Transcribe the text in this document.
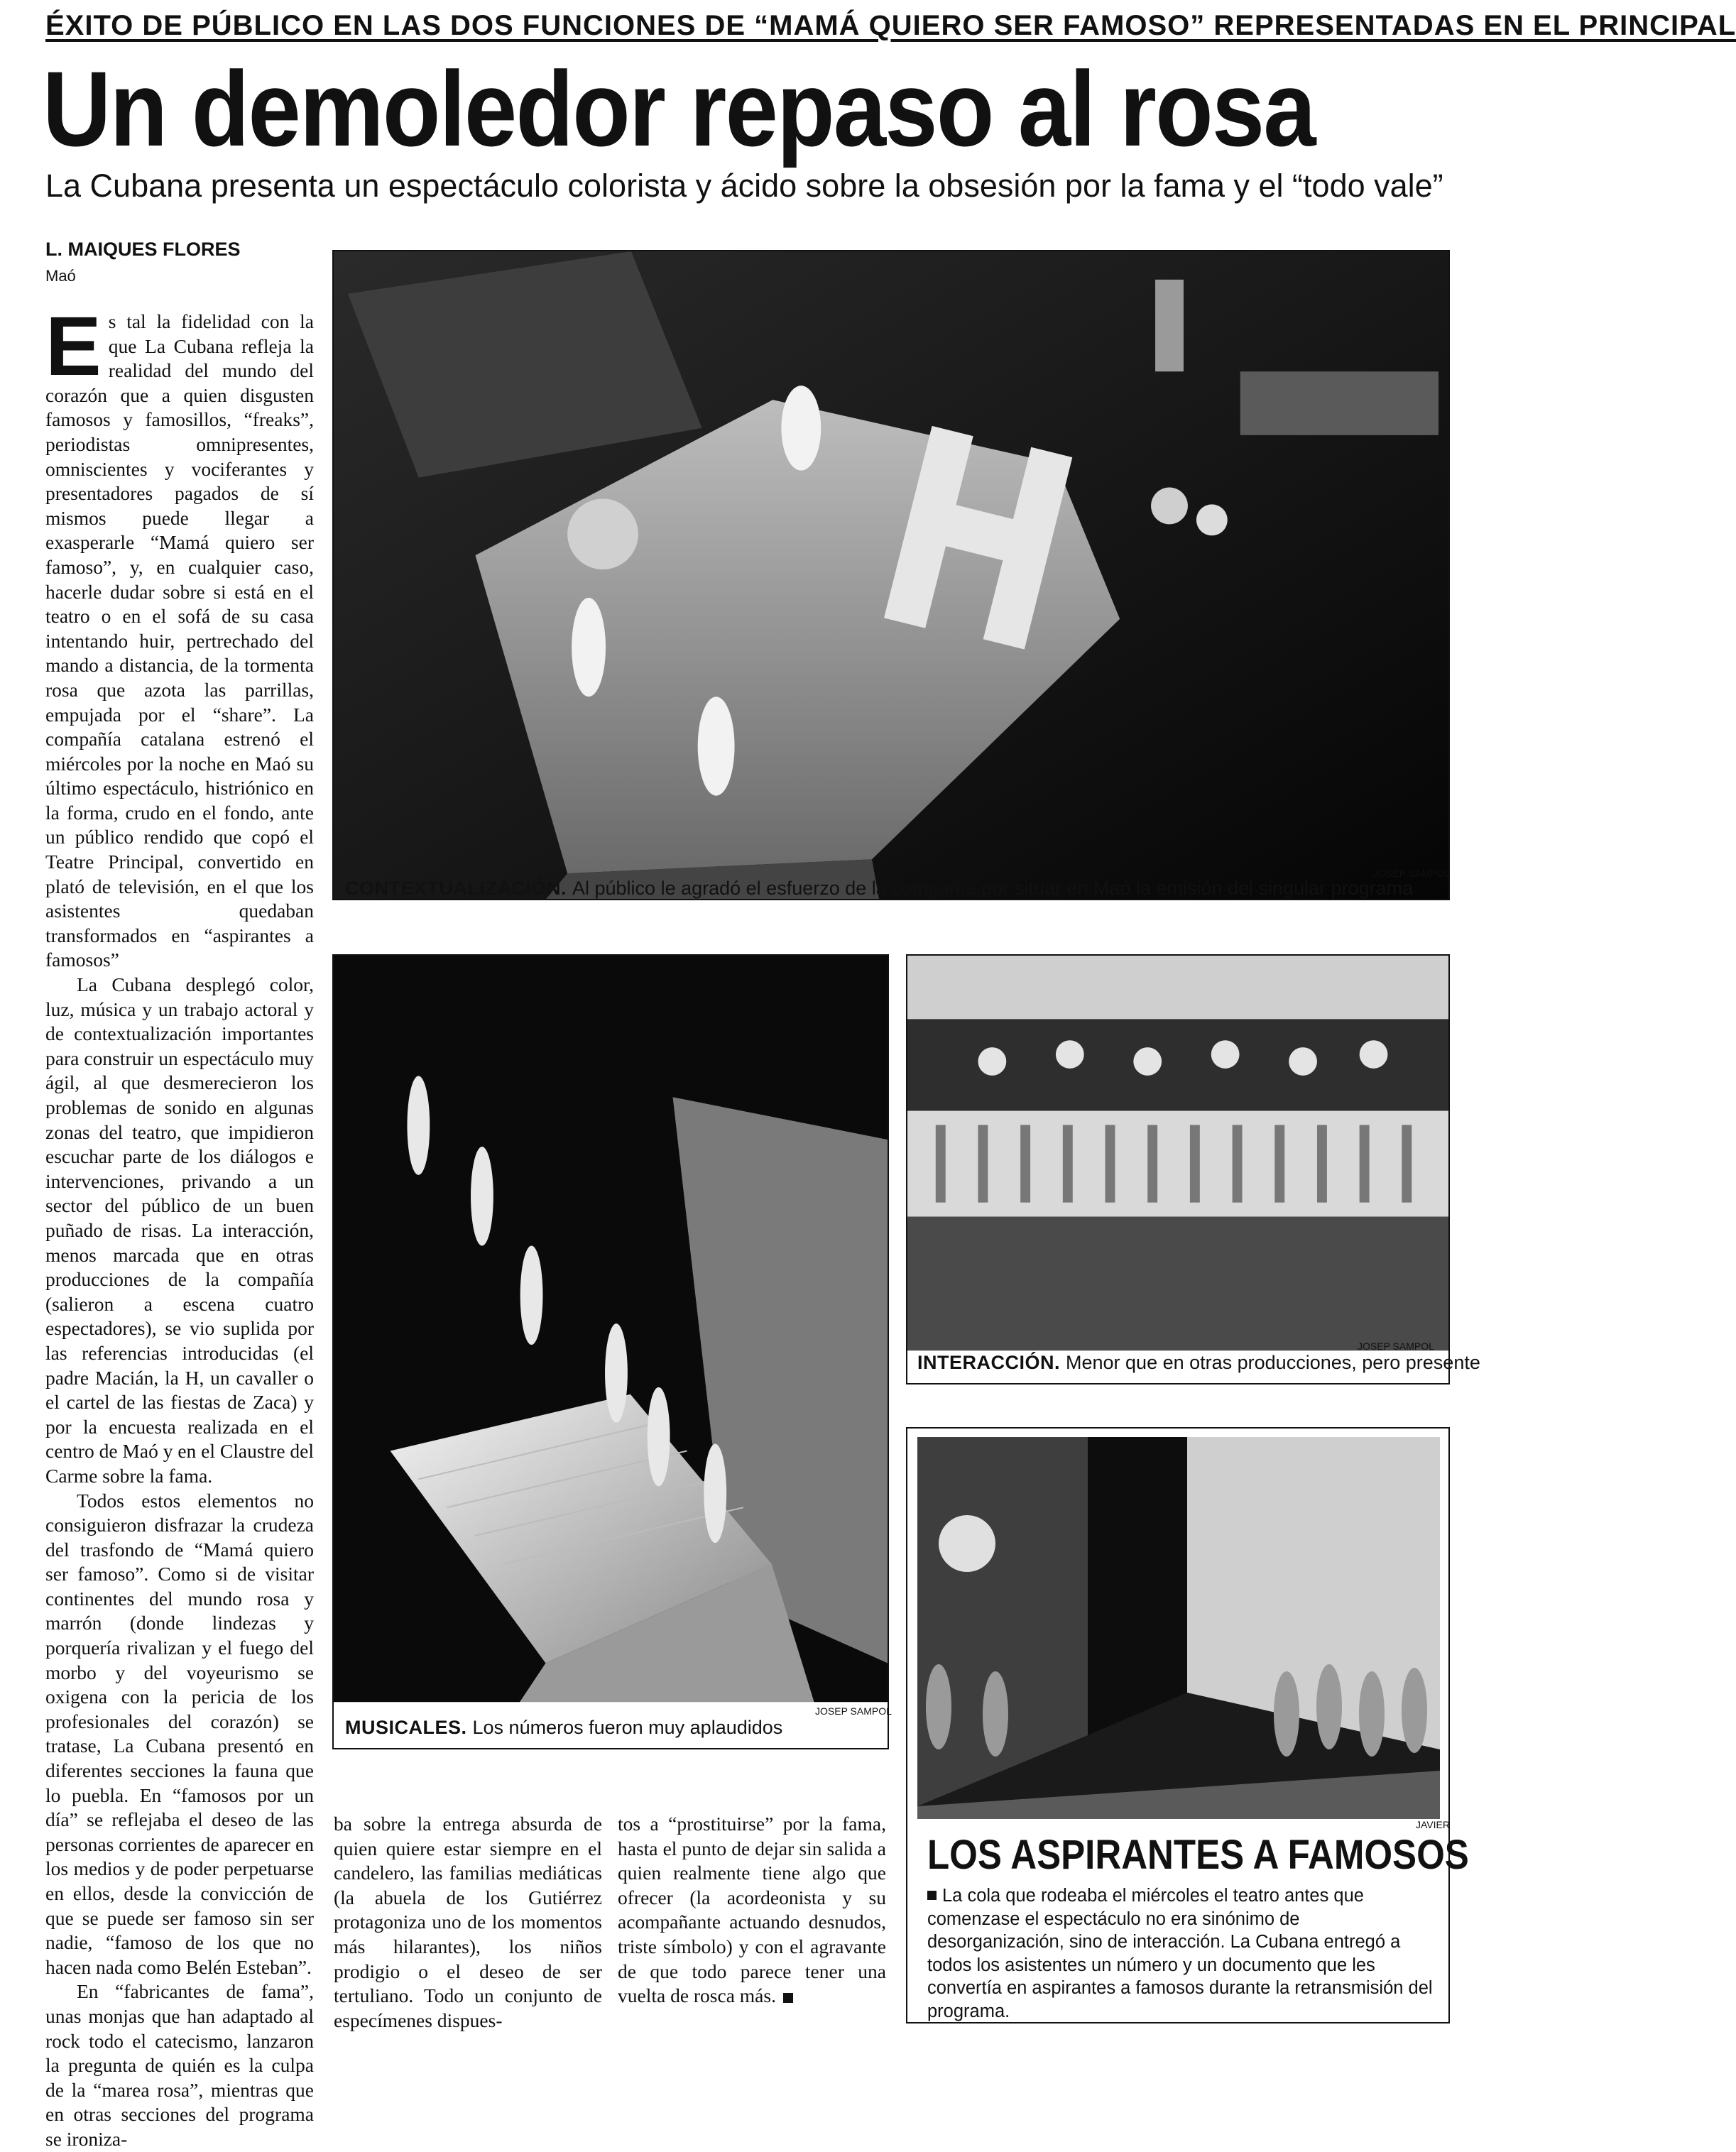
ÉXITO DE PÚBLICO EN LAS DOS FUNCIONES DE “MAMÁ QUIERO SER FAMOSO” REPRESENTADAS EN EL PRINCIPAL
Un demoledor repaso al rosa
La Cubana presenta un espectáculo colorista y ácido sobre la obsesión por la fama y el “todo vale”
L. MAIQUES FLORES
Maó

Es tal la fidelidad con la que La Cubana refleja la realidad del mundo del corazón que a quien disgusten famosos y famosillos, “freaks”, periodistas omnipresentes, omniscientes y vociferantes y presentadores pagados de sí mismos puede llegar a exasperarle “Mamá quiero ser famoso”, y, en cualquier caso, hacerle dudar sobre si está en el teatro o en el sofá de su casa intentando huir, pertrechado del mando a distancia, de la tormenta rosa que azota las parrillas, empujada por el “share”. La compañía catalana estrenó el miércoles por la noche en Maó su último espectáculo, histriónico en la forma, crudo en el fondo, ante un público rendido que copó el Teatre Principal, convertido en plató de televisión, en el que los asistentes quedaban transformados en “aspirantes a famosos”

La Cubana desplegó color, luz, música y un trabajo actoral y de contextualización importantes para construir un espectáculo muy ágil, al que desmerecieron los problemas de sonido en algunas zonas del teatro, que impidieron escuchar parte de los diálogos e intervenciones, privando a un sector del público de un buen puñado de risas. La interacción, menos marcada que en otras producciones de la compañía (salieron a escena cuatro espectadores), se vio suplida por las referencias introducidas (el padre Macián, la H, un cavaller o el cartel de las fiestas de Zaca) y por la encuesta realizada en el centro de Maó y en el Claustre del Carme sobre la fama.

Todos estos elementos no consiguieron disfrazar la crudeza del trasfondo de “Mamá quiero ser famoso”. Como si de visitar continentes del mundo rosa y marrón (donde lindezas y porquería rivalizan y el fuego del morbo y del voyeurismo se oxigena con la pericia de los profesionales del corazón) se tratase, La Cubana presentó en diferentes secciones la fauna que lo puebla. En “famosos por un día” se reflejaba el deseo de las personas corrientes de aparecer en los medios y de poder perpetuarse en ellos, desde la convicción de que se puede ser famoso sin ser nadie, “famoso de los que no hacen nada como Belén Esteban”.

En “fabricantes de fama”, unas monjas que han adaptado al rock todo el catecismo, lanzaron la pregunta de quién es la culpa de la “marea rosa”, mientras que en otras secciones del programa se ironiza-

ba sobre la entrega absurda de quien quiere estar siempre en el candelero, las familias mediáticas (la abuela de los Gutiérrez protagoniza uno de los momentos más hilarantes), los niños prodigio o el deseo de ser tertuliano. Todo un conjunto de especímenes dispues-

tos a “prostituirse” por la fama, hasta el punto de dejar sin salida a quien realmente tiene algo que ofrecer (la acordeonista y su acompañante actuando desnudos, triste símbolo) y con el agravante de que todo parece tener una vuelta de rosca más.

JOSEP SAMPOL
CONTEXTUALIZACIÓN. Al público le agradó el esfuerzo de la compañía por situar en Maó la emisión del singular programa
JOSEP SAMPOL
MUSICALES. Los números fueron muy aplaudidos
JOSEP SAMPOL
INTERACCIÓN. Menor que en otras producciones, pero presente
JAVIER
LOS ASPIRANTES A FAMOSOS
La cola que rodeaba el miércoles el teatro antes que comenzase el espectáculo no era sinónimo de desorganización, sino de interacción. La Cubana entregó a todos los asistentes un número y un documento que les convertía en aspirantes a famosos durante la retransmisión del programa.
